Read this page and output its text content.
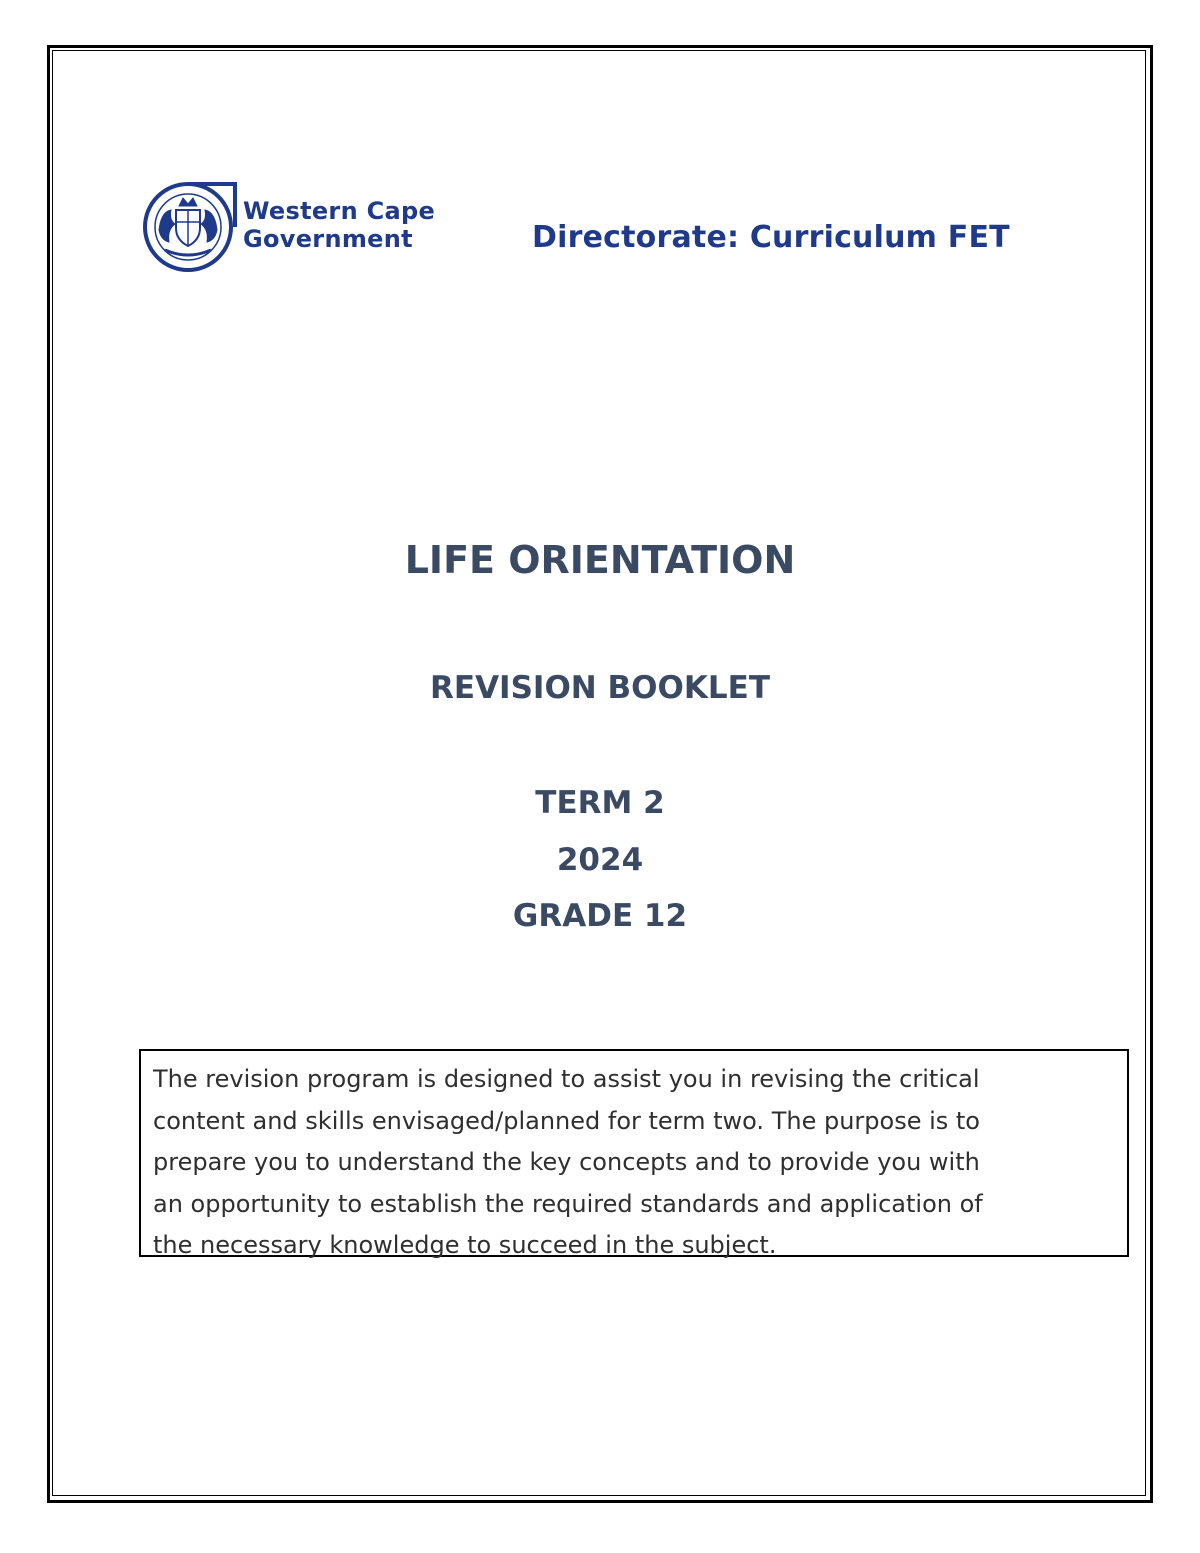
Western Cape
Government	Directorate: Curriculum FET
LIFE ORIENTATION
REVISION BOOKLET
TERM 2
2024
GRADE 12
The revision program is designed to assist you in revising the critical
content and skills envisaged/planned for term two. The purpose is to
prepare you to understand the key concepts and to provide you with
an opportunity to establish the required standards and application of
the necessary knowledge to succeed in the subject.
